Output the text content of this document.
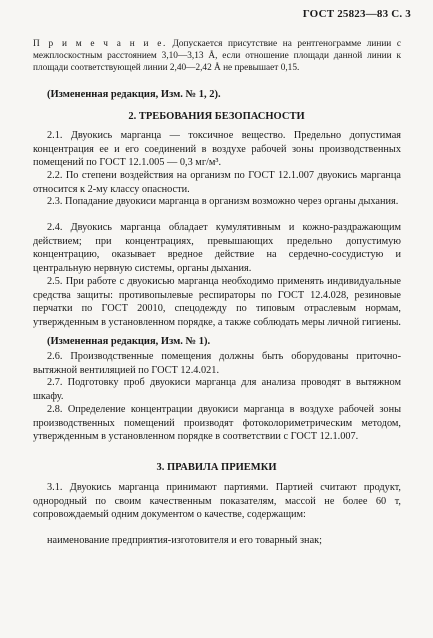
ГОСТ 25823—83 С. 3
П р и м е ч а н и е. Допускается присутствие на рентгенограмме линии с межплоскостным расстоянием 3,10—3,13 Å, если отношение площади данной линии к площади соответствующей линии 2,40—2,42 Å не превышает 0,15.
(Измененная редакция, Изм. № 1, 2).
2. ТРЕБОВАНИЯ БЕЗОПАСНОСТИ
2.1. Двуокись марганца — токсичное вещество. Предельно допустимая концентрация ее и его соединений в воздухе рабочей зоны производственных помещений по ГОСТ 12.1.005 — 0,3 мг/м³.
2.2. По степени воздействия на организм по ГОСТ 12.1.007 двуокись марганца относится к 2-му классу опасности.
2.3. Попадание двуокиси марганца в организм возможно через органы дыхания.
2.4. Двуокись марганца обладает кумулятивным и кожно-раздражающим действием; при концентрациях, превышающих предельно допустимую концентрацию, оказывает вредное действие на сердечно-сосудистую и центральную нервную системы, органы дыхания.
2.5. При работе с двуокисью марганца необходимо применять индивидуальные средства защиты: противопылевые респираторы по ГОСТ 12.4.028, резиновые перчатки по ГОСТ 20010, спецодежду по типовым отраслевым нормам, утвержденным в установленном порядке, а также соблюдать меры личной гигиены.
(Измененная редакция, Изм. № 1).
2.6. Производственные помещения должны быть оборудованы приточно-вытяжной вентиляцией по ГОСТ 12.4.021.
2.7. Подготовку проб двуокиси марганца для анализа проводят в вытяжном шкафу.
2.8. Определение концентрации двуокиси марганца в воздухе рабочей зоны производственных помещений производят фотоколориметрическим методом, утвержденным в установленном порядке в соответствии с ГОСТ 12.1.007.
3. ПРАВИЛА ПРИЕМКИ
3.1. Двуокись марганца принимают партиями. Партией считают продукт, однородный по своим качественным показателям, массой не более 60 т, сопровождаемый одним документом о качестве, содержащим:
наименование предприятия-изготовителя и его товарный знак;
